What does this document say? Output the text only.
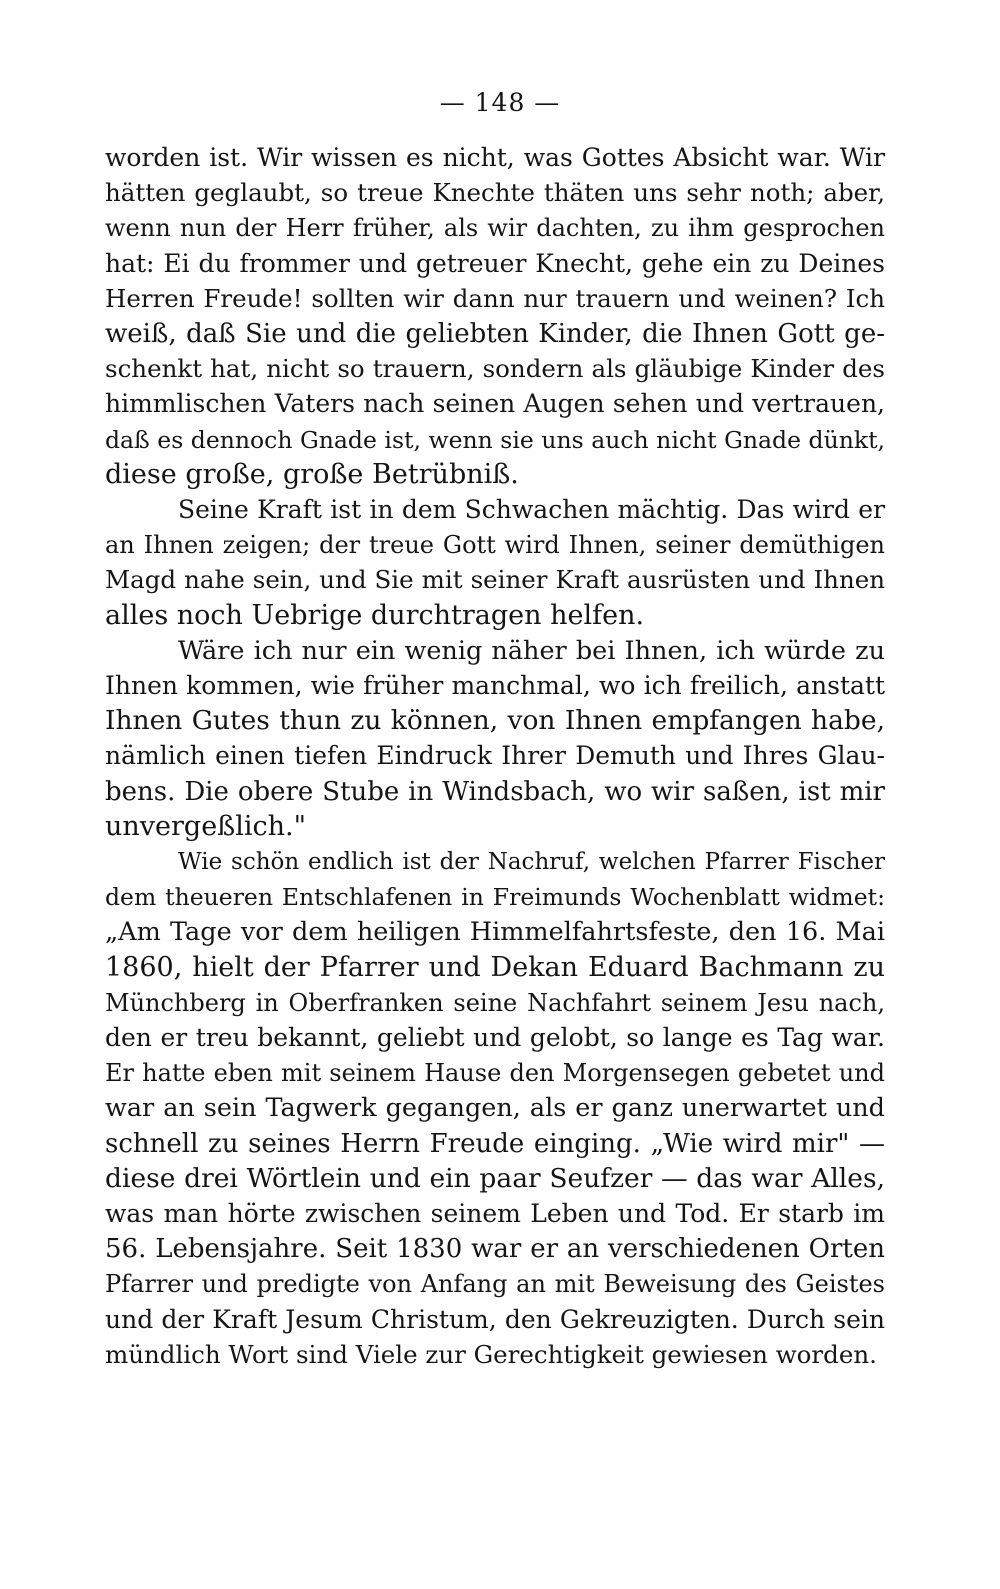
— 148 —
worden ist. Wir wissen es nicht, was Gottes Absicht war. Wir
hätten geglaubt, so treue Knechte thäten uns sehr noth; aber,
wenn nun der Herr früher, als wir dachten, zu ihm gesprochen
hat: Ei du frommer und getreuer Knecht, gehe ein zu Deines
Herren Freude! sollten wir dann nur trauern und weinen? Ich
weiß, daß Sie und die geliebten Kinder, die Ihnen Gott ge-
schenkt hat, nicht so trauern, sondern als gläubige Kinder des
himmlischen Vaters nach seinen Augen sehen und vertrauen,
daß es dennoch Gnade ist, wenn sie uns auch nicht Gnade dünkt,
diese große, große Betrübniß.
Seine Kraft ist in dem Schwachen mächtig. Das wird er
an Ihnen zeigen; der treue Gott wird Ihnen, seiner demüthigen
Magd nahe sein, und Sie mit seiner Kraft ausrüsten und Ihnen
alles noch Uebrige durchtragen helfen.
Wäre ich nur ein wenig näher bei Ihnen, ich würde zu
Ihnen kommen, wie früher manchmal, wo ich freilich, anstatt
Ihnen Gutes thun zu können, von Ihnen empfangen habe,
nämlich einen tiefen Eindruck Ihrer Demuth und Ihres Glau-
bens. Die obere Stube in Windsbach, wo wir saßen, ist mir
unvergeßlich."
Wie schön endlich ist der Nachruf, welchen Pfarrer Fischer
dem theueren Entschlafenen in Freimunds Wochenblatt widmet:
„Am Tage vor dem heiligen Himmelfahrtsfeste, den 16. Mai
1860, hielt der Pfarrer und Dekan Eduard Bachmann zu
Münchberg in Oberfranken seine Nachfahrt seinem Jesu nach,
den er treu bekannt, geliebt und gelobt, so lange es Tag war.
Er hatte eben mit seinem Hause den Morgensegen gebetet und
war an sein Tagwerk gegangen, als er ganz unerwartet und
schnell zu seines Herrn Freude einging. „Wie wird mir" —
diese drei Wörtlein und ein paar Seufzer — das war Alles,
was man hörte zwischen seinem Leben und Tod. Er starb im
56. Lebensjahre. Seit 1830 war er an verschiedenen Orten
Pfarrer und predigte von Anfang an mit Beweisung des Geistes
und der Kraft Jesum Christum, den Gekreuzigten. Durch sein
mündlich Wort sind Viele zur Gerechtigkeit gewiesen worden.
